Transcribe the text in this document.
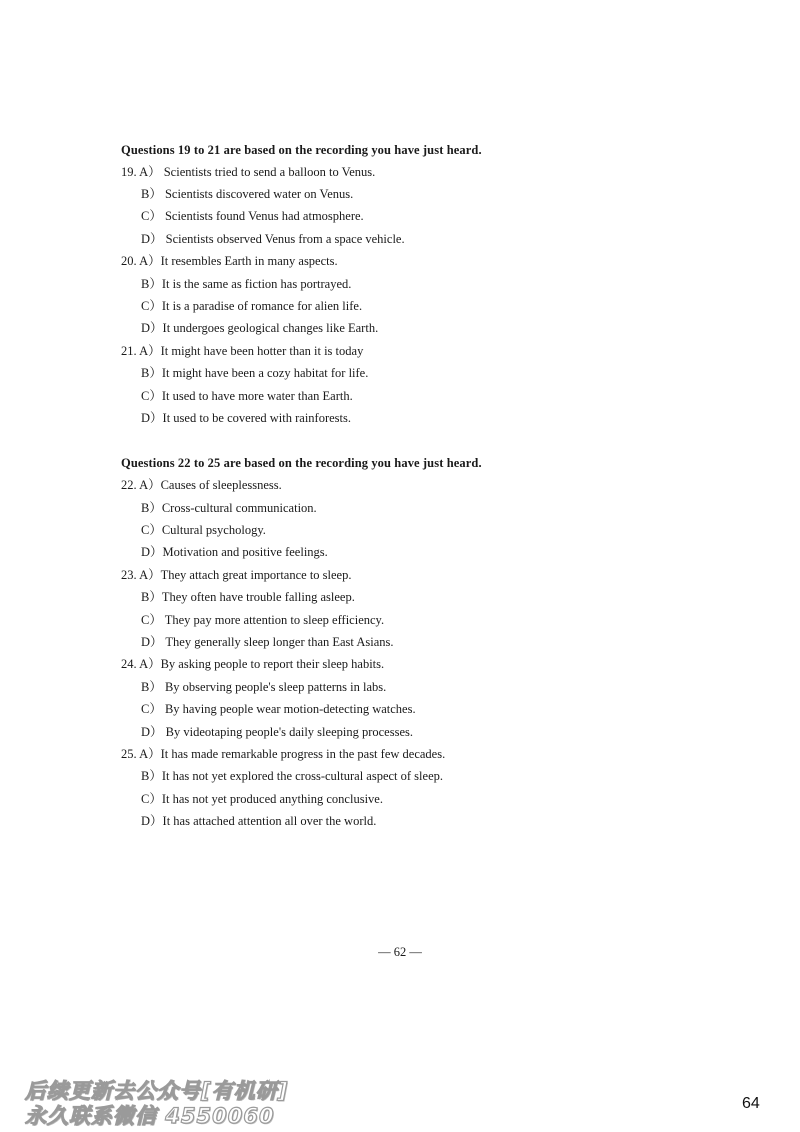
Questions 19 to 21 are based on the recording you have just heard.
19. A） Scientists tried to send a balloon to Venus.
B） Scientists discovered water on Venus.
C） Scientists found Venus had atmosphere.
D） Scientists observed Venus from a space vehicle.
20. A）It resembles Earth in many aspects.
B）It is the same as fiction has portrayed.
C）It is a paradise of romance for alien life.
D）It undergoes geological changes like Earth.
21. A）It might have been hotter than it is today
B）It might have been a cozy habitat for life.
C）It used to have more water than Earth.
D）It used to be covered with rainforests.
Questions 22 to 25 are based on the recording you have just heard.
22. A）Causes of sleeplessness.
B）Cross-cultural communication.
C）Cultural psychology.
D）Motivation and positive feelings.
23. A）They attach great importance to sleep.
B）They often have trouble falling asleep.
C） They pay more attention to sleep efficiency.
D） They generally sleep longer than East Asians.
24. A）By asking people to report their sleep habits.
B） By observing people's sleep patterns in labs.
C） By having people wear motion-detecting watches.
D） By videotaping people's daily sleeping processes.
25. A）It has made remarkable progress in the past few decades.
B）It has not yet explored the cross-cultural aspect of sleep.
C）It has not yet produced anything conclusive.
D）It has attached attention all over the world.
— 62 —
后续更新去公众号[有机研]
永久联系微信 4550060
64
